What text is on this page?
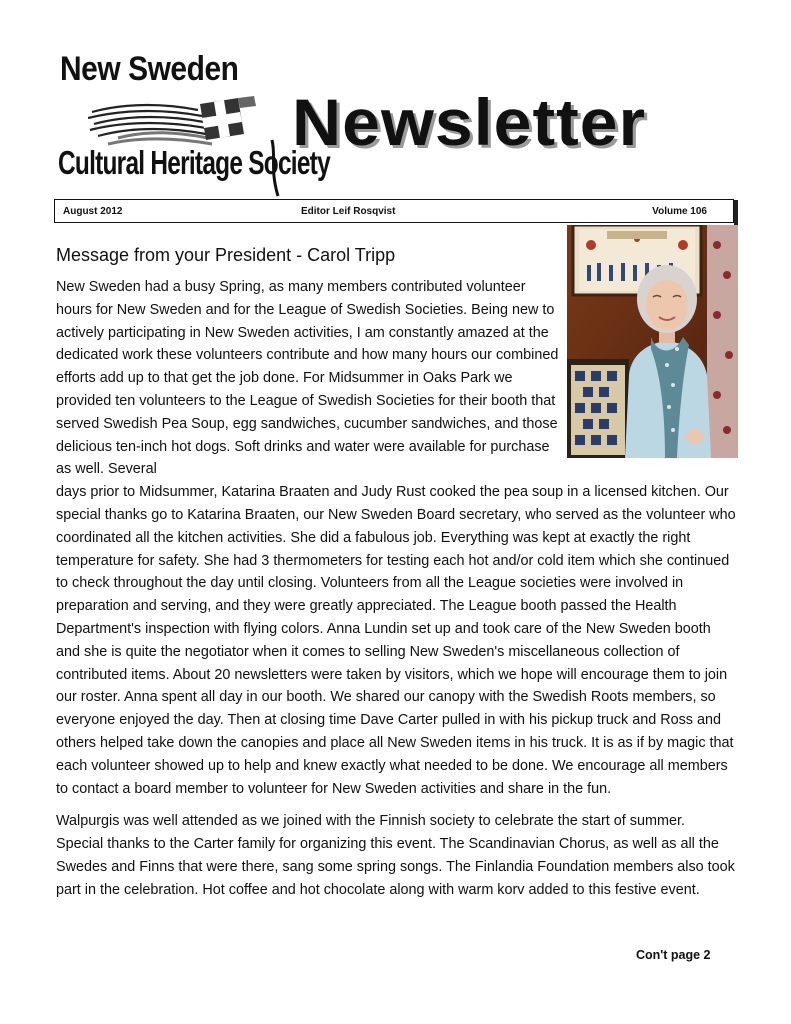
New Sweden
Cultural Heritage Society
Newsletter
August 2012	Editor Leif Rosqvist	Volume 106
Message from your President - Carol Tripp

New Sweden had a busy Spring, as many members contributed volunteer hours for New Sweden and for the League of Swedish Societies. Being new to actively participating in New Sweden activities, I am constantly amazed at the dedicated work these volunteers contribute and how many hours our combined efforts add up to that get the job done. For Midsummer in Oaks Park we provided ten volunteers to the League of Swedish Societies for their booth that served Swedish Pea Soup, egg sandwiches, cucumber sandwiches, and those delicious ten-inch hot dogs. Soft drinks and water were available for purchase as well. Several

days prior to Midsummer, Katarina Braaten and Judy Rust cooked the pea soup in a licensed kitchen. Our special thanks go to Katarina Braaten, our New Sweden Board secretary, who served as the volunteer who coordinated all the kitchen activities. She did a fabulous job. Everything was kept at exactly the right temperature for safety. She had 3 thermometers for testing each hot and/or cold item which she continued to check throughout the day until closing. Volunteers from all the League societies were involved in preparation and serving, and they were greatly appreciated. The League booth passed the Health Department's inspection with flying colors. Anna Lundin set up and took care of the New Sweden booth and she is quite the negotiator when it comes to selling New Sweden's miscellaneous collection of contributed items. About 20 newsletters were taken by visitors, which we hope will encourage them to join our roster. Anna spent all day in our booth. We shared our canopy with the Swedish Roots members, so everyone enjoyed the day. Then at closing time Dave Carter pulled in with his pickup truck and Ross and others helped take down the canopies and place all New Sweden items in his truck. It is as if by magic that each volunteer showed up to help and knew exactly what needed to be done. We encourage all members to contact a board member to volunteer for New Sweden activities and share in the fun.

Walpurgis was well attended as we joined with the Finnish society to celebrate the start of summer. Special thanks to the Carter family for organizing this event. The Scandinavian Chorus, as well as all the Swedes and Finns that were there, sang some spring songs. The Finlandia Foundation members also took part in the celebration. Hot coffee and hot chocolate along with warm korv added to this festive event.

Con't page 2
